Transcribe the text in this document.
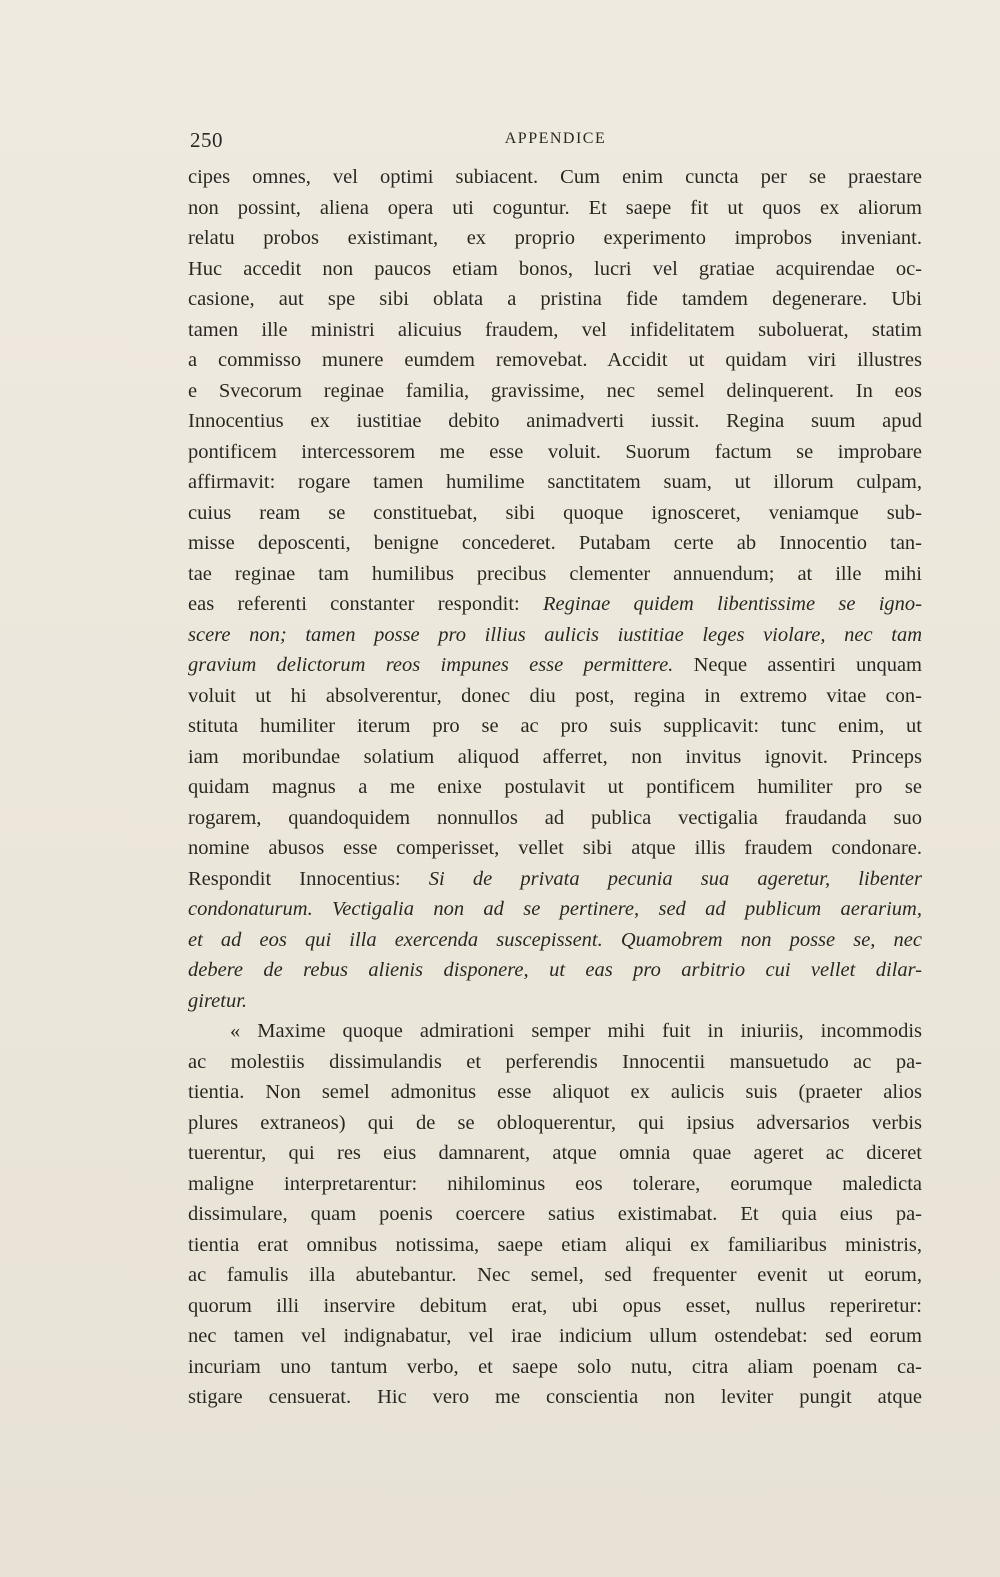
250	APPENDICE
cipes omnes, vel optimi subiacent. Cum enim cuncta per se praestare
non possint, aliena opera uti coguntur. Et saepe fit ut quos ex aliorum
relatu probos existimant, ex proprio experimento improbos inveniant.
Huc accedit non paucos etiam bonos, lucri vel gratiae acquirendae oc-
casione, aut spe sibi oblata a pristina fide tamdem degenerare. Ubi
tamen ille ministri alicuius fraudem, vel infidelitatem suboluerat, statim
a commisso munere eumdem removebat. Accidit ut quidam viri illustres
e Svecorum reginae familia, gravissime, nec semel delinquerent. In eos
Innocentius ex iustitiae debito animadverti iussit. Regina suum apud
pontificem intercessorem me esse voluit. Suorum factum se improbare
affirmavit: rogare tamen humilime sanctitatem suam, ut illorum culpam,
cuius ream se constituebat, sibi quoque ignosceret, veniamque sub-
misse deposcenti, benigne concederet. Putabam certe ab Innocentio tan-
tae reginae tam humilibus precibus clementer annuendum; at ille mihi
eas referenti constanter respondit: Reginae quidem libentissime se igno-
scere non; tamen posse pro illius aulicis iustitiae leges violare, nec tam
gravium delictorum reos impunes esse permittere. Neque assentiri unquam
voluit ut hi absolverentur, donec diu post, regina in extremo vitae con-
stituta humiliter iterum pro se ac pro suis supplicavit: tunc enim, ut
iam moribundae solatium aliquod afferret, non invitus ignovit. Princeps
quidam magnus a me enixe postulavit ut pontificem humiliter pro se
rogarem, quandoquidem nonnullos ad publica vectigalia fraudanda suo
nomine abusos esse comperisset, vellet sibi atque illis fraudem condonare.
Respondit Innocentius: Si de privata pecunia sua ageretur, libenter
condonaturum. Vectigalia non ad se pertinere, sed ad publicum aerarium,
et ad eos qui illa exercenda suscepissent. Quamobrem non posse se, nec
debere de rebus alienis disponere, ut eas pro arbitrio cui vellet dilar-
giretur.
« Maxime quoque admirationi semper mihi fuit in iniuriis, incommodis
ac molestiis dissimulandis et perferendis Innocentii mansuetudo ac pa-
tientia. Non semel admonitus esse aliquot ex aulicis suis (praeter alios
plures extraneos) qui de se obloquerentur, qui ipsius adversarios verbis
tuerentur, qui res eius damnarent, atque omnia quae ageret ac diceret
maligne interpretarentur: nihilominus eos tolerare, eorumque maledicta
dissimulare, quam poenis coercere satius existimabat. Et quia eius pa-
tientia erat omnibus notissima, saepe etiam aliqui ex familiaribus ministris,
ac famulis illa abutebantur. Nec semel, sed frequenter evenit ut eorum,
quorum illi inservire debitum erat, ubi opus esset, nullus reperiretur:
nec tamen vel indignabatur, vel irae indicium ullum ostendebat: sed eorum
incuriam uno tantum verbo, et saepe solo nutu, citra aliam poenam ca-
stigare censuerat. Hic vero me conscientia non leviter pungit atque
